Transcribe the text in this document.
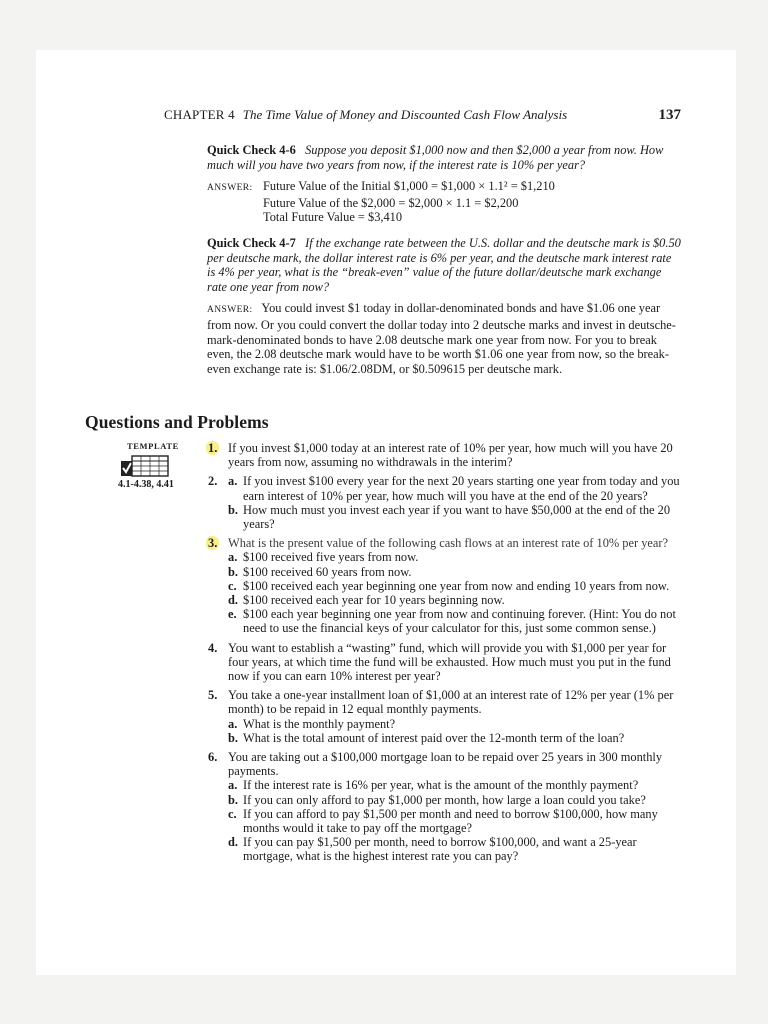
CHAPTER 4 The Time Value of Money and Discounted Cash Flow Analysis	137
Quick Check 4-6 Suppose you deposit $1,000 now and then $2,000 a year from now. How much will you have two years from now, if the interest rate is 10% per year?
ANSWER: Future Value of the Initial $1,000 = $1,000 × 1.1² = $1,210
Future Value of the $2,000 = $2,000 × 1.1 = $2,200
Total Future Value = $3,410
Quick Check 4-7 If the exchange rate between the U.S. dollar and the deutsche mark is $0.50 per deutsche mark, the dollar interest rate is 6% per year, and the deutsche mark interest rate is 4% per year, what is the “break-even” value of the future dollar/deutsche mark exchange rate one year from now?
ANSWER: You could invest $1 today in dollar-denominated bonds and have $1.06 one year from now. Or you could convert the dollar today into 2 deutsche marks and invest in deutsche-mark-denominated bonds to have 2.08 deutsche mark one year from now. For you to break even, the 2.08 deutsche mark would have to be worth $1.06 one year from now, so the break-even exchange rate is: $1.06/2.08DM, or $0.509615 per deutsche mark.
Questions and Problems
TEMPLATE
4.1-4.38, 4.41
1. If you invest $1,000 today at an interest rate of 10% per year, how much will you have 20 years from now, assuming no withdrawals in the interim?
2. a. If you invest $100 every year for the next 20 years starting one year from today and you earn interest of 10% per year, how much will you have at the end of the 20 years?
b. How much must you invest each year if you want to have $50,000 at the end of the 20 years?
3. What is the present value of the following cash flows at an interest rate of 10% per year?
a. $100 received five years from now.
b. $100 received 60 years from now.
c. $100 received each year beginning one year from now and ending 10 years from now.
d. $100 received each year for 10 years beginning now.
e. $100 each year beginning one year from now and continuing forever. (Hint: You do not need to use the financial keys of your calculator for this, just some common sense.)
4. You want to establish a “wasting” fund, which will provide you with $1,000 per year for four years, at which time the fund will be exhausted. How much must you put in the fund now if you can earn 10% interest per year?
5. You take a one-year installment loan of $1,000 at an interest rate of 12% per year (1% per month) to be repaid in 12 equal monthly payments.
a. What is the monthly payment?
b. What is the total amount of interest paid over the 12-month term of the loan?
6. You are taking out a $100,000 mortgage loan to be repaid over 25 years in 300 monthly payments.
a. If the interest rate is 16% per year, what is the amount of the monthly payment?
b. If you can only afford to pay $1,000 per month, how large a loan could you take?
c. If you can afford to pay $1,500 per month and need to borrow $100,000, how many months would it take to pay off the mortgage?
d. If you can pay $1,500 per month, need to borrow $100,000, and want a 25-year mortgage, what is the highest interest rate you can pay?
